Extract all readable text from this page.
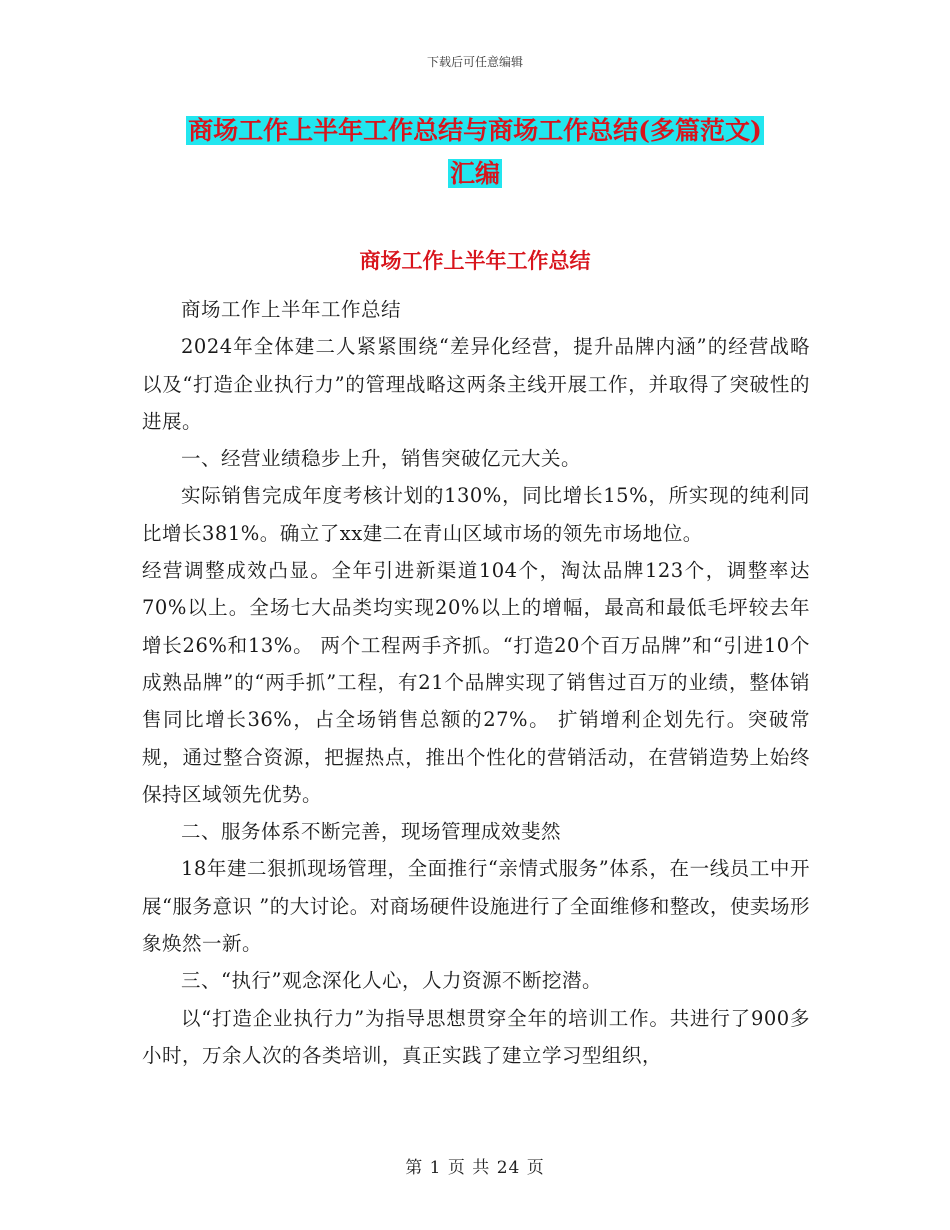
下载后可任意编辑
商场工作上半年工作总结与商场工作总结(多篇范文)
汇编
商场工作上半年工作总结

商场工作上半年工作总结

2024年全体建二人紧紧围绕“差异化经营，提升品牌内涵”的经营战略以及“打造企业执行力”的管理战略这两条主线开展工作，并取得了突破性的进展。

一、经营业绩稳步上升，销售突破亿元大关。

实际销售完成年度考核计划的130%，同比增长15%，所实现的纯利同比增长381%。确立了xx建二在青山区域市场的领先市场地位。

经营调整成效凸显。全年引进新渠道104个，淘汰品牌123个，调整率达70%以上。全场七大品类均实现20%以上的增幅，最高和最低毛坪较去年增长26%和13%。 两个工程两手齐抓。“打造20个百万品牌”和“引进10个成熟品牌”的“两手抓”工程，有21个品牌实现了销售过百万的业绩，整体销售同比增长36%，占全场销售总额的27%。 扩销增利企划先行。突破常规，通过整合资源，把握热点，推出个性化的营销活动，在营销造势上始终保持区域领先优势。

二、服务体系不断完善，现场管理成效斐然

18年建二狠抓现场管理，全面推行“亲情式服务”体系，在一线员工中开展“服务意识 ”的大讨论。对商场硬件设施进行了全面维修和整改，使卖场形象焕然一新。

三、“执行”观念深化人心，人力资源不断挖潜。

以“打造企业执行力”为指导思想贯穿全年的培训工作。共进行了900多小时，万余人次的各类培训，真正实践了建立学习型组织，

第 1 页 共 24 页
